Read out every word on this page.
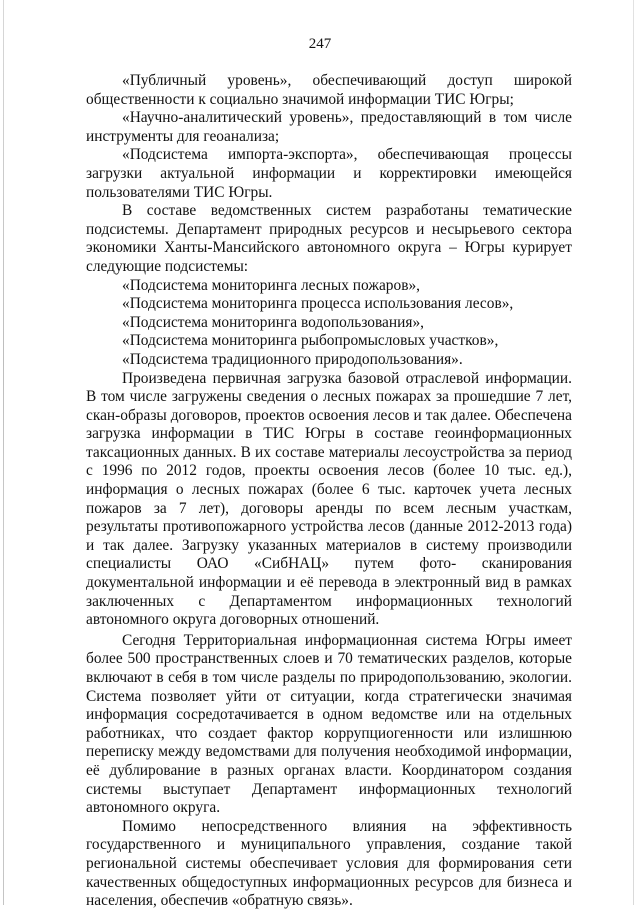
247

«Публичный уровень», обеспечивающий доступ широкой общественности к социально значимой информации ТИС Югры;

«Научно-аналитический уровень», предоставляющий в том числе инструменты для геоанализа;

«Подсистема импорта-экспорта», обеспечивающая процессы загрузки актуальной информации и корректировки имеющейся пользователями ТИС Югры.

В составе ведомственных систем разработаны тематические подсистемы. Департамент природных ресурсов и несырьевого сектора экономики Ханты-Мансийского автономного округа – Югры курирует следующие подсистемы:

«Подсистема мониторинга лесных пожаров»,

«Подсистема мониторинга процесса использования лесов»,

«Подсистема мониторинга водопользования»,

«Подсистема мониторинга рыбопромысловых участков»,

«Подсистема традиционного природопользования».

Произведена первичная загрузка базовой отраслевой информации. В том числе загружены сведения о лесных пожарах за прошедшие 7 лет, скан-образы договоров, проектов освоения лесов и так далее. Обеспечена загрузка информации в ТИС Югры в составе геоинформационных таксационных данных. В их составе материалы лесоустройства за период с 1996 по 2012 годов, проекты освоения лесов (более 10 тыс. ед.), информация о лесных пожарах (более 6 тыс. карточек учета лесных пожаров за 7 лет), договоры аренды по всем лесным участкам, результаты противопожарного устройства лесов (данные 2012-2013 года) и так далее. Загрузку указанных материалов в систему производили специалисты ОАО «СибНАЦ» путем фото- сканирования документальной информации и её перевода в электронный вид в рамках заключенных с Департаментом информационных технологий автономного округа договорных отношений.

Сегодня Территориальная информационная система Югры имеет более 500 пространственных слоев и 70 тематических разделов, которые включают в себя в том числе разделы по природопользованию, экологии. Система позволяет уйти от ситуации, когда стратегически значимая информация сосредотачивается в одном ведомстве или на отдельных работниках, что создает фактор коррупциогенности или излишнюю переписку между ведомствами для получения необходимой информации, её дублирование в разных органах власти. Координатором создания системы выступает Департамент информационных технологий автономного округа.

Помимо непосредственного влияния на эффективность государственного и муниципального управления, создание такой региональной системы обеспечивает условия для формирования сети качественных общедоступных информационных ресурсов для бизнеса и населения, обеспечив «обратную связь».
